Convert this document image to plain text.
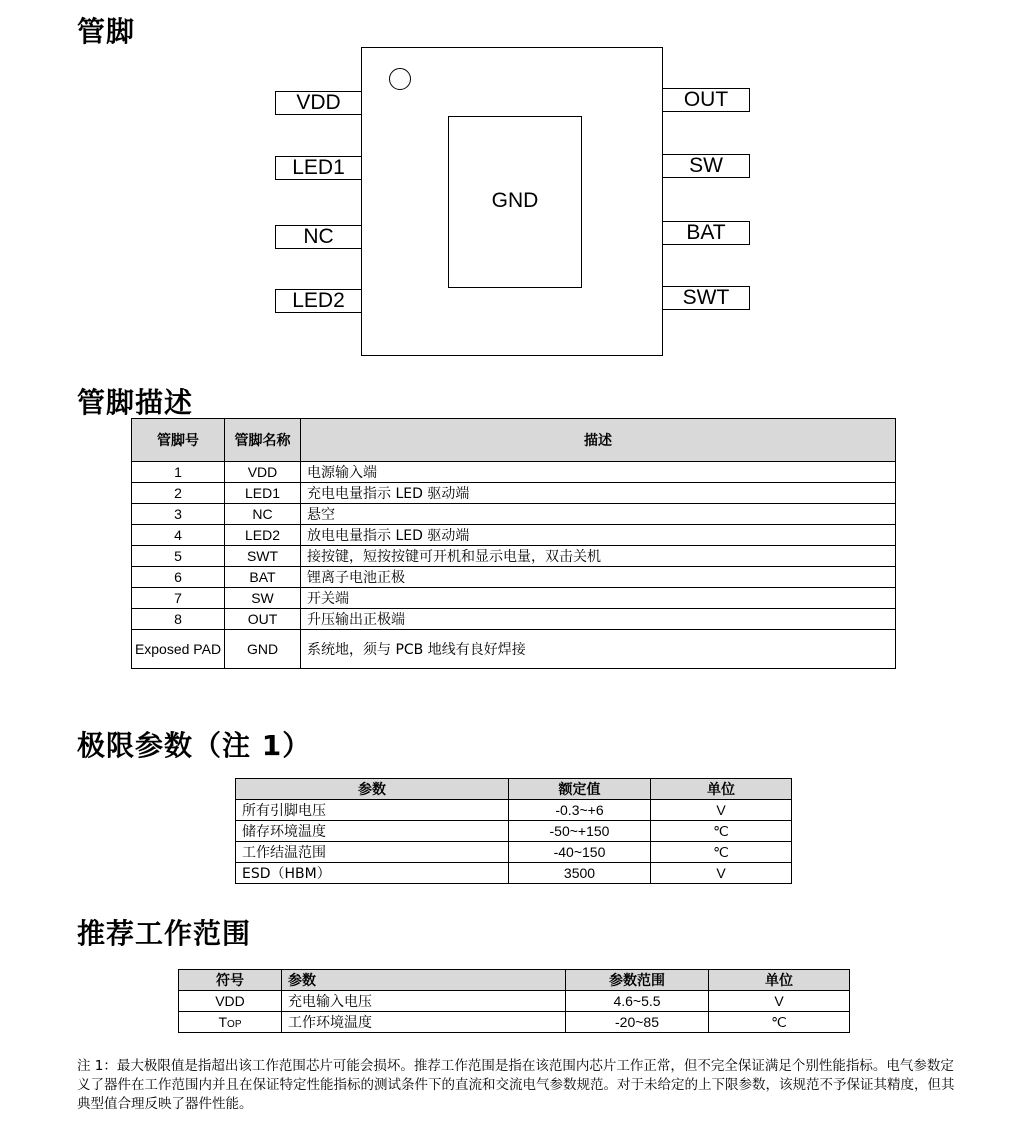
管脚
GND
VDD
LED1
NC
LED2
OUT
SW
BAT
SWT
管脚描述
管脚号	管脚名称	描述
1	VDD	电源输入端
2	LED1	充电电量指示 LED 驱动端
3	NC	悬空
4	LED2	放电电量指示 LED 驱动端
5	SWT	接按键，短按按键可开机和显示电量，双击关机
6	BAT	锂离子电池正极
7	SW	开关端
8	OUT	升压输出正极端
Exposed PAD	GND	系统地，须与 PCB 地线有良好焊接
极限参数（注 1）
参数	额定值	单位
所有引脚电压	-0.3~+6	V
储存环境温度	-50~+150	℃
工作结温范围	-40~150	℃
ESD（HBM）	3500	V
推荐工作范围
符号	参数	参数范围	单位
VDD	充电输入电压	4.6~5.5	V
TOP	工作环境温度	-20~85	℃
注 1：最大极限值是指超出该工作范围芯片可能会损坏。推荐工作范围是指在该范围内芯片工作正常，但不完全保证满足个别性能指标。电气参数定义了器件在工作范围内并且在保证特定性能指标的测试条件下的直流和交流电气参数规范。对于未给定的上下限参数，该规范不予保证其精度，但其典型值合理反映了器件性能。
